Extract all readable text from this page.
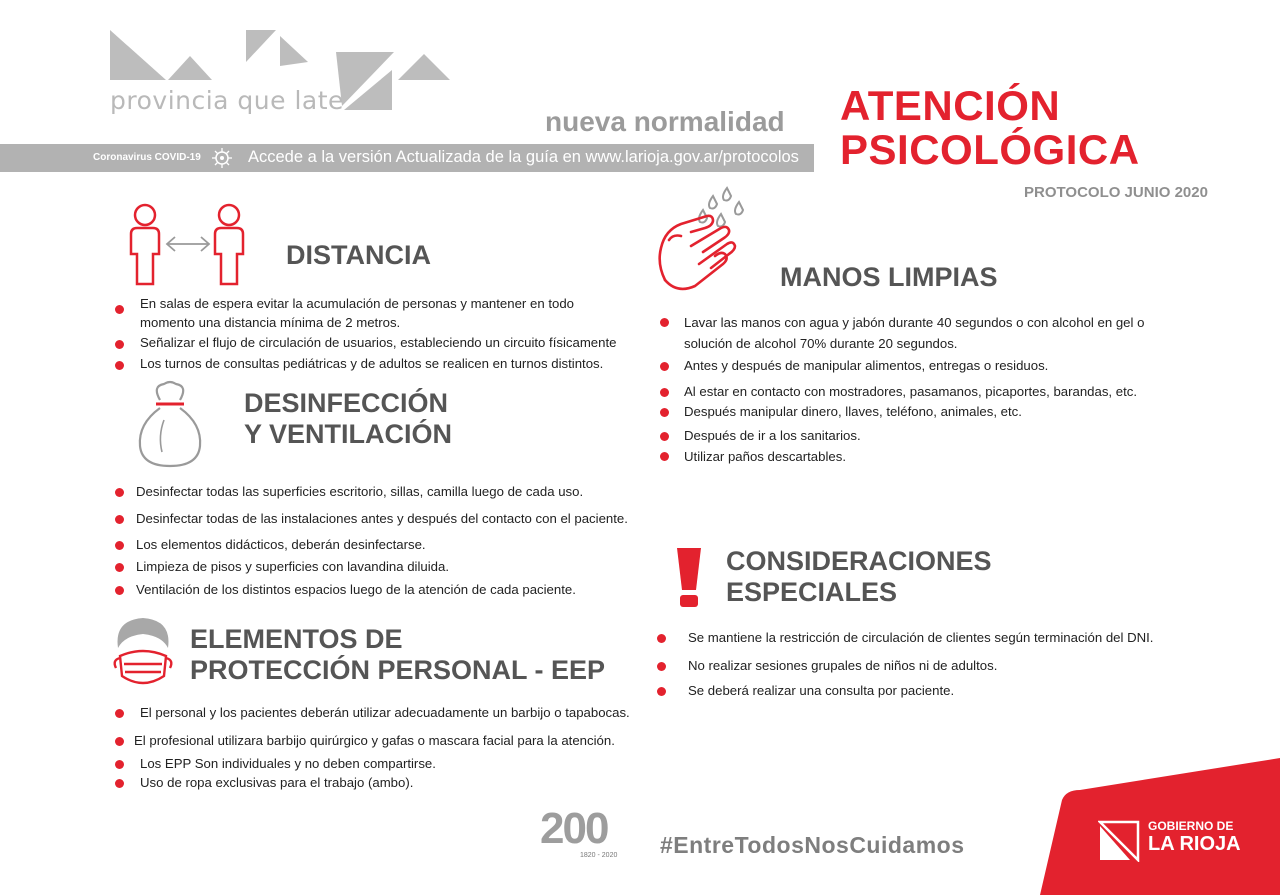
provincia que late
nueva normalidad
Coronavirus COVID-19	Accede a la versión Actualizada de la guía en www.larioja.gov.ar/protocolos
ATENCIÓN
PSICOLÓGICA
PROTOCOLO JUNIO 2020
DISTANCIA
En salas de espera evitar la acumulación de personas y mantener en todo
momento una distancia mínima de 2 metros.
Señalizar el flujo de circulación de usuarios, estableciendo un circuito físicamente
Los turnos de consultas pediátricas y de adultos se realicen en turnos distintos.
DESINFECCIÓN
Y VENTILACIÓN
Desinfectar todas las superficies escritorio, sillas, camilla luego de cada uso.
Desinfectar todas de las instalaciones antes y después del contacto con el paciente.
Los elementos didácticos, deberán desinfectarse.
Limpieza de pisos y superficies con lavandina diluida.
Ventilación de los distintos espacios luego de la atención de cada paciente.
ELEMENTOS DE
PROTECCIÓN PERSONAL - EEP
El personal y los pacientes deberán utilizar adecuadamente un barbijo o tapabocas.
El profesional utilizara barbijo quirúrgico y gafas o mascara facial para la atención.
Los EPP Son individuales y no deben compartirse.
Uso de ropa exclusivas para el trabajo (ambo).
MANOS LIMPIAS
Lavar las manos con agua y jabón durante 40 segundos o con alcohol en gel o
solución de alcohol 70% durante 20 segundos.
Antes y después de manipular alimentos, entregas o residuos.
Al estar en contacto con mostradores, pasamanos, picaportes, barandas, etc.
Después manipular dinero, llaves, teléfono, animales, etc.
Después de ir a los sanitarios.
Utilizar paños descartables.
CONSIDERACIONES
ESPECIALES
Se mantiene la restricción de circulación de clientes según terminación del DNI.
No realizar sesiones grupales de niños ni de adultos.
Se deberá realizar una consulta por paciente.
200
1820 - 2020 #EntreTodosNosCuidamos
GOBIERNO DE
LA RIOJA
